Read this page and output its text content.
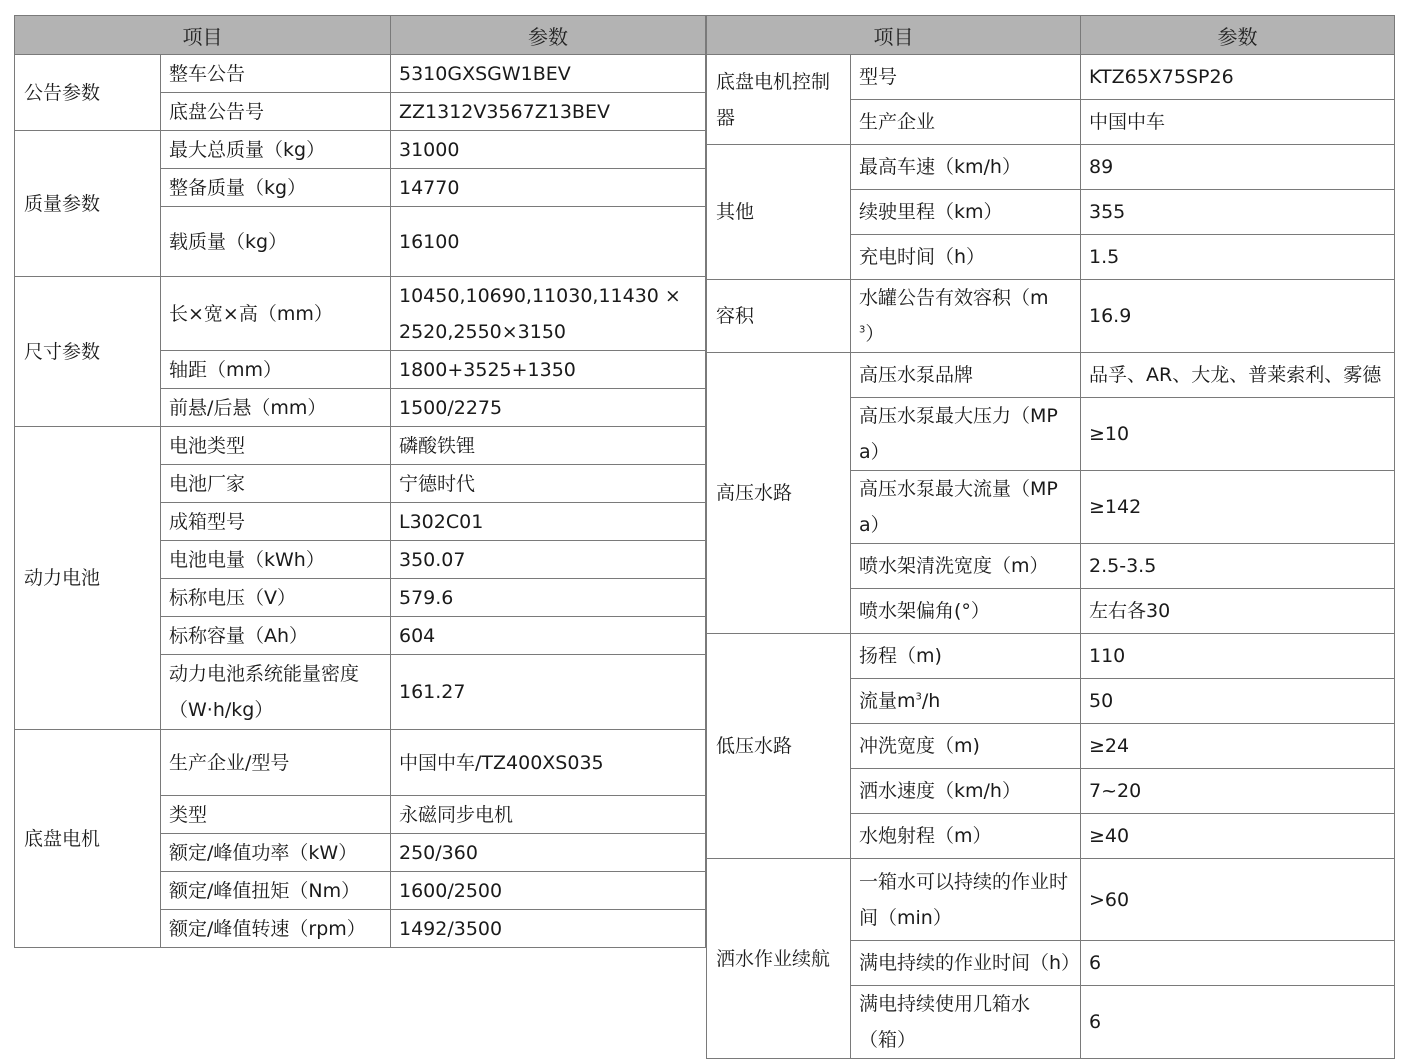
项目		参数
公告参数	整车公告	5310GXSGW1BEV
	底盘公告号	ZZ1312V3567Z13BEV
质量参数	最大总质量（kg）	31000
	整备质量（kg）	14770
	载质量（kg）	16100
尺寸参数	长×宽×高（mm）	10450,10690,11030,11430 × 2520,2550×3150
	轴距（mm）	1800+3525+1350
	前悬/后悬（mm）	1500/2275
动力电池	电池类型	磷酸铁锂
	电池厂家	宁德时代
	成箱型号	L302C01
	电池电量（kWh）	350.07
	标称电压（V）	579.6
	标称容量（Ah）	604
	动力电池系统能量密度（W·h/kg）	161.27
底盘电机	生产企业/型号	中国中车/TZ400XS035
	类型	永磁同步电机
	额定/峰值功率（kW）	250/360
	额定/峰值扭矩（Nm）	1600/2500
	额定/峰值转速（rpm）	1492/3500
项目		参数
底盘电机控制器	型号	KTZ65X75SP26
	生产企业	中国中车
其他	最高车速（km/h）	89
	续驶里程（km）	355
	充电时间（h）	1.5
容积	水罐公告有效容积$(m^3)$	16.9
高压水路	高压水泵品牌	品孚、AR、大龙、普莱索利、雾德
	高压水泵最大压力（MPa）	≥10
	高压水泵最大流量（MPa）	≥142
	喷水架清洗宽度（m）	2.5-3.5
	喷水架偏角(°）	左右各30
低压水路	扬程（m)	110
	流量$m^3/h$	50
	冲洗宽度（m)	≥24
	洒水速度（km/h）	7~20
	水炮射程（m）	≥40
洒水作业续航	一箱水可以持续的作业时间（min）	>60
	满电持续的作业时间（h）	6
	满电持续使用几箱水（箱）	6
